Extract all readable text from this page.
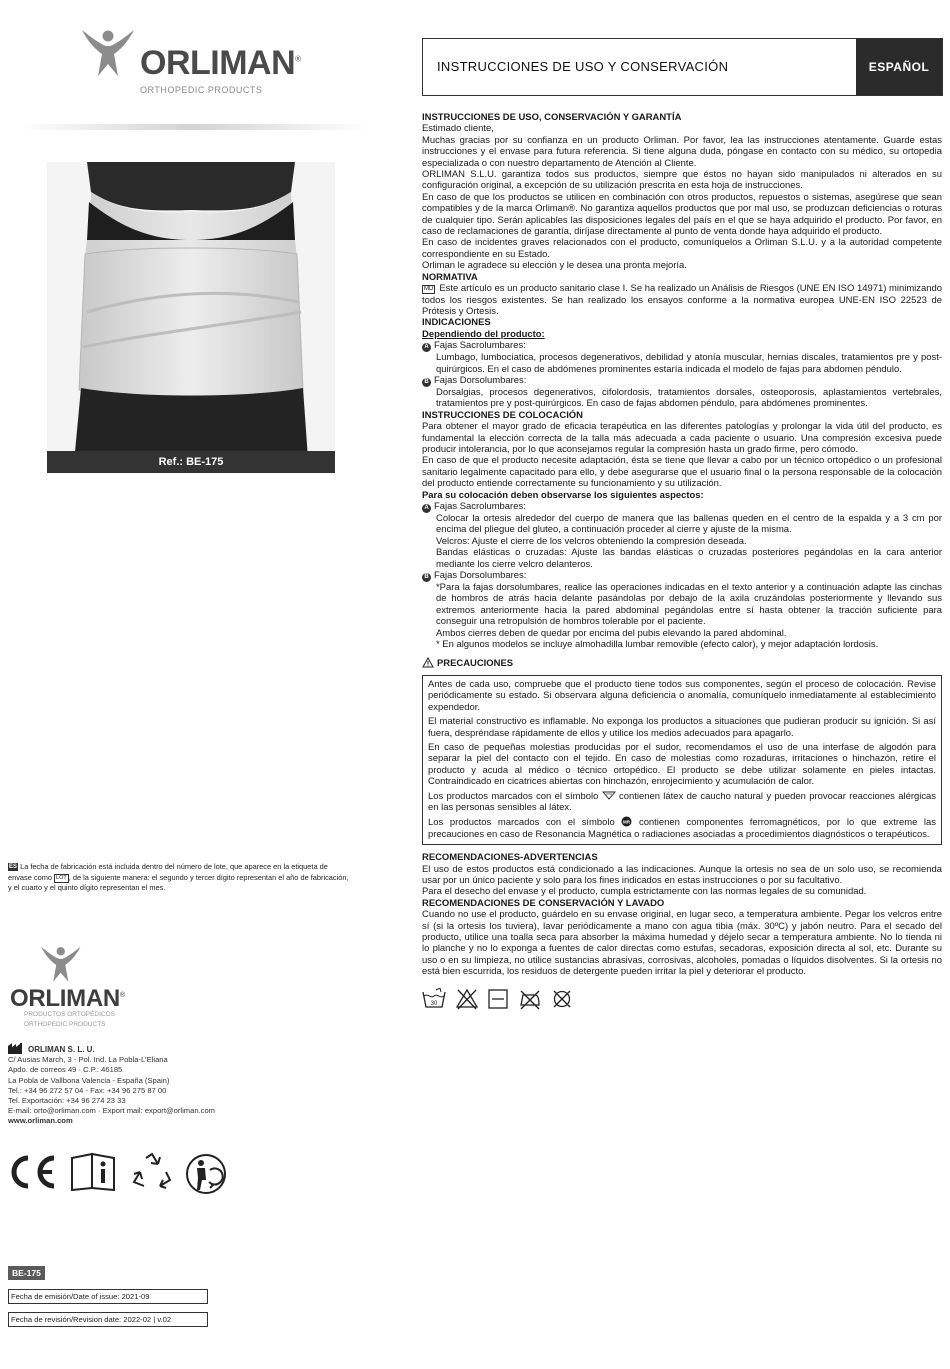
ORLIMAN®
ORTHOPEDIC PRODUCTS
Ref.: BE-175
ES La fecha de fabricación está incluida dentro del número de lote, que aparece en la etiqueta de envase como LOT , de la siguiente manera: el segundo y tercer dígito representan el año de fabricación, y el cuarto y el quinto dígito representan el mes.
ORLIMAN®
PRODUCTOS ORTOPÉDICOS
ORTHOPEDIC PRODUCTS
ORLIMAN S. L. U.
C/ Ausias March, 3 - Pol. Ind. La Pobla-L'Eliana
Apdo. de correos 49 · C.P.: 46185
La Pobla de Vallbona Valencia - España (Spain)
Tel.: +34 96 272 57 04 - Fax: +34 96 275 87 00
Tel. Exportación: +34 96 274 23 33
E-mail: orto@orliman.com · Export mail: export@orliman.com
www.orliman.com
BE-175
Fecha de emisión/Date of issue: 2021-09
Fecha de revisión/Revision date: 2022-02 | v.02
INSTRUCCIONES DE USO Y CONSERVACIÓN	ESPAÑOL

INSTRUCCIONES DE USO, CONSERVACIÓN Y GARANTÍA

Estimado cliente,

Muchas gracias por su confianza en un producto Orliman. Por favor, lea las instrucciones atentamente. Guarde estas instrucciones y el envase para futura referencia. Si tiene alguna duda, póngase en contacto con su médico, su ortopedia especializada o con nuestro departamento de Atención al Cliente.

ORLIMAN S.L.U. garantiza todos sus productos, siempre que éstos no hayan sido manipulados ni alterados en su configuración original, a excepción de su utilización prescrita en esta hoja de instrucciones.

En caso de que los productos se utilicen en combinación con otros productos, repuestos o sistemas, asegúrese que sean compatibles y de la marca Orliman®. No garantiza aquellos productos que por mal uso, se produzcan deficiencias o roturas de cualquier tipo. Serán aplicables las disposiciones legales del país en el que se haya adquirido el producto. Por favor, en caso de reclamaciones de garantía, diríjase directamente al punto de venta donde haya adquirido el producto.

En caso de incidentes graves relacionados con el producto, comuníquelos a Orliman S.L.U. y a la autoridad competente correspondiente en su Estado.

Orliman le agradece su elección y le desea una pronta mejoría.

NORMATIVA

MD Este artículo es un producto sanitario clase I. Se ha realizado un Análisis de Riesgos (UNE EN ISO 14971) minimizando todos los riesgos existentes. Se han realizado los ensayos conforme a la normativa europea UNE-EN ISO 22523 de Prótesis y Ortesis.

INDICACIONES

Dependiendo del producto:

A Fajas Sacrolumbares:

Lumbago, lumbociatica, procesos degenerativos, debilidad y atonía muscular, hernias discales, tratamientos pre y post-quirúrgicos. En el caso de abdómenes prominentes estaría indicada el modelo de fajas para abdomen péndulo.

B Fajas Dorsolumbares:

Dorsalgias, procesos degenerativos, cifolordosis, tratamientos dorsales, osteoporosis, aplastamientos vertebrales, tratamientos pre y post-quirúrgicos. En caso de fajas abdomen péndulo, para abdómenes prominentes.

INSTRUCCIONES DE COLOCACIÓN

Para obtener el mayor grado de eficacia terapéutica en las diferentes patologías y prolongar la vida útil del producto, es fundamental la elección correcta de la talla más adecuada a cada paciente o usuario. Una compresión excesiva puede producir intolerancia, por lo que aconsejamos regular la compresión hasta un grado firme, pero cómodo.

En caso de que el producto necesite adaptación, ésta se tiene que llevar a cabo por un técnico ortopédico o un profesional sanitario legalmente capacitado para ello, y debe asegurarse que el usuario final o la persona responsable de la colocación del producto entiende correctamente su funcionamiento y su utilización.

Para su colocación deben observarse los siguientes aspectos:

A Fajas Sacrolumbares:

Colocar la ortesis alrededor del cuerpo de manera que las ballenas queden en el centro de la espalda y a 3 cm por encima del pliegue del gluteo, a continuación proceder al cierre y ajuste de la misma.

Velcros: Ajuste el cierre de los velcros obteniendo la compresión deseada.

Bandas elásticas o cruzadas: Ajuste las bandas elásticas o cruzadas posteriores pegándolas en la cara anterior mediante los cierre velcro delanteros.

B Fajas Dorsolumbares:

*Para la fajas dorsolumbares, realice las operaciones indicadas en el texto anterior y a continuación adapte las cinchas de hombros de atrás hacia delante pasándolas por debajo de la axila cruzándolas posteriormente y llevando sus extremos anteriormente hacia la pared abdominal pegándolas entre sí hasta obtener la tracción suficiente para conseguir una retropulsión de hombros tolerable por el paciente.

Ambos cierres deben de quedar por encima del pubis elevando la pared abdominal.

* En algunos modelos se incluye almohadilla lumbar removible (efecto calor), y mejor adaptación lordosis.

PRECAUCIONES

Antes de cada uso, compruebe que el producto tiene todos sus componentes, según el proceso de colocación. Revise periódicamente su estado. Si observara alguna deficiencia o anomalía, comuníquelo inmediatamente al establecimiento expendedor.

El material constructivo es inflamable. No exponga los productos a situaciones que pudieran producir su ignición. Si así fuera, despréndase rápidamente de ellos y utilice los medios adecuados para apagarlo.

En caso de pequeñas molestias producidas por el sudor, recomendamos el uso de una interfase de algodón para separar la piel del contacto con el tejido. En caso de molestias como rozaduras, irritaciones o hinchazón, retire el producto y acuda al médico o técnico ortopédico. El producto se debe utilizar solamente en pieles intactas. Contraindicado en cicatrices abiertas con hinchazón, enrojecimiento y acumulación de calor.

Los productos marcados con el símbolo contienen látex de caucho natural y pueden provocar reacciones alérgicas en las personas sensibles al látex.

Los productos marcados con el símbolo MR contienen componentes ferromagnéticos, por lo que extreme las precauciones en caso de Resonancia Magnética o radiaciones asociadas a procedimientos diagnósticos o terapéuticos.

RECOMENDACIONES-ADVERTENCIAS

El uso de estos productos está condicionado a las indicaciones. Aunque la ortesis no sea de un solo uso, se recomienda usar por un único paciente y solo para los fines indicados en estas instrucciones o por su facultativo.

Para el desecho del envase y el producto, cumpla estrictamente con las normas legales de su comunidad.

RECOMENDACIONES DE CONSERVACIÓN Y LAVADO

Cuando no use el producto, guárdelo en su envase original, en lugar seco, a temperatura ambiente. Pegar los velcros entre sí (si la ortesis los tuviera), lavar periódicamente a mano con agua tibia (máx. 30ºC) y jabón neutro. Para el secado del producto, utilice una toalla seca para absorber la máxima humedad y déjelo secar a temperatura ambiente. No lo tienda ni lo planche y no lo exponga a fuentes de calor directas como estufas, secadoras, exposición directa al sol, etc. Durante su uso o en su limpieza, no utilice sustancias abrasivas, corrosivas, alcoholes, pomadas o líquidos disolventes. Si la ortesis no está bien escurrida, los residuos de detergente pueden irritar la piel y deteriorar el producto.

30
